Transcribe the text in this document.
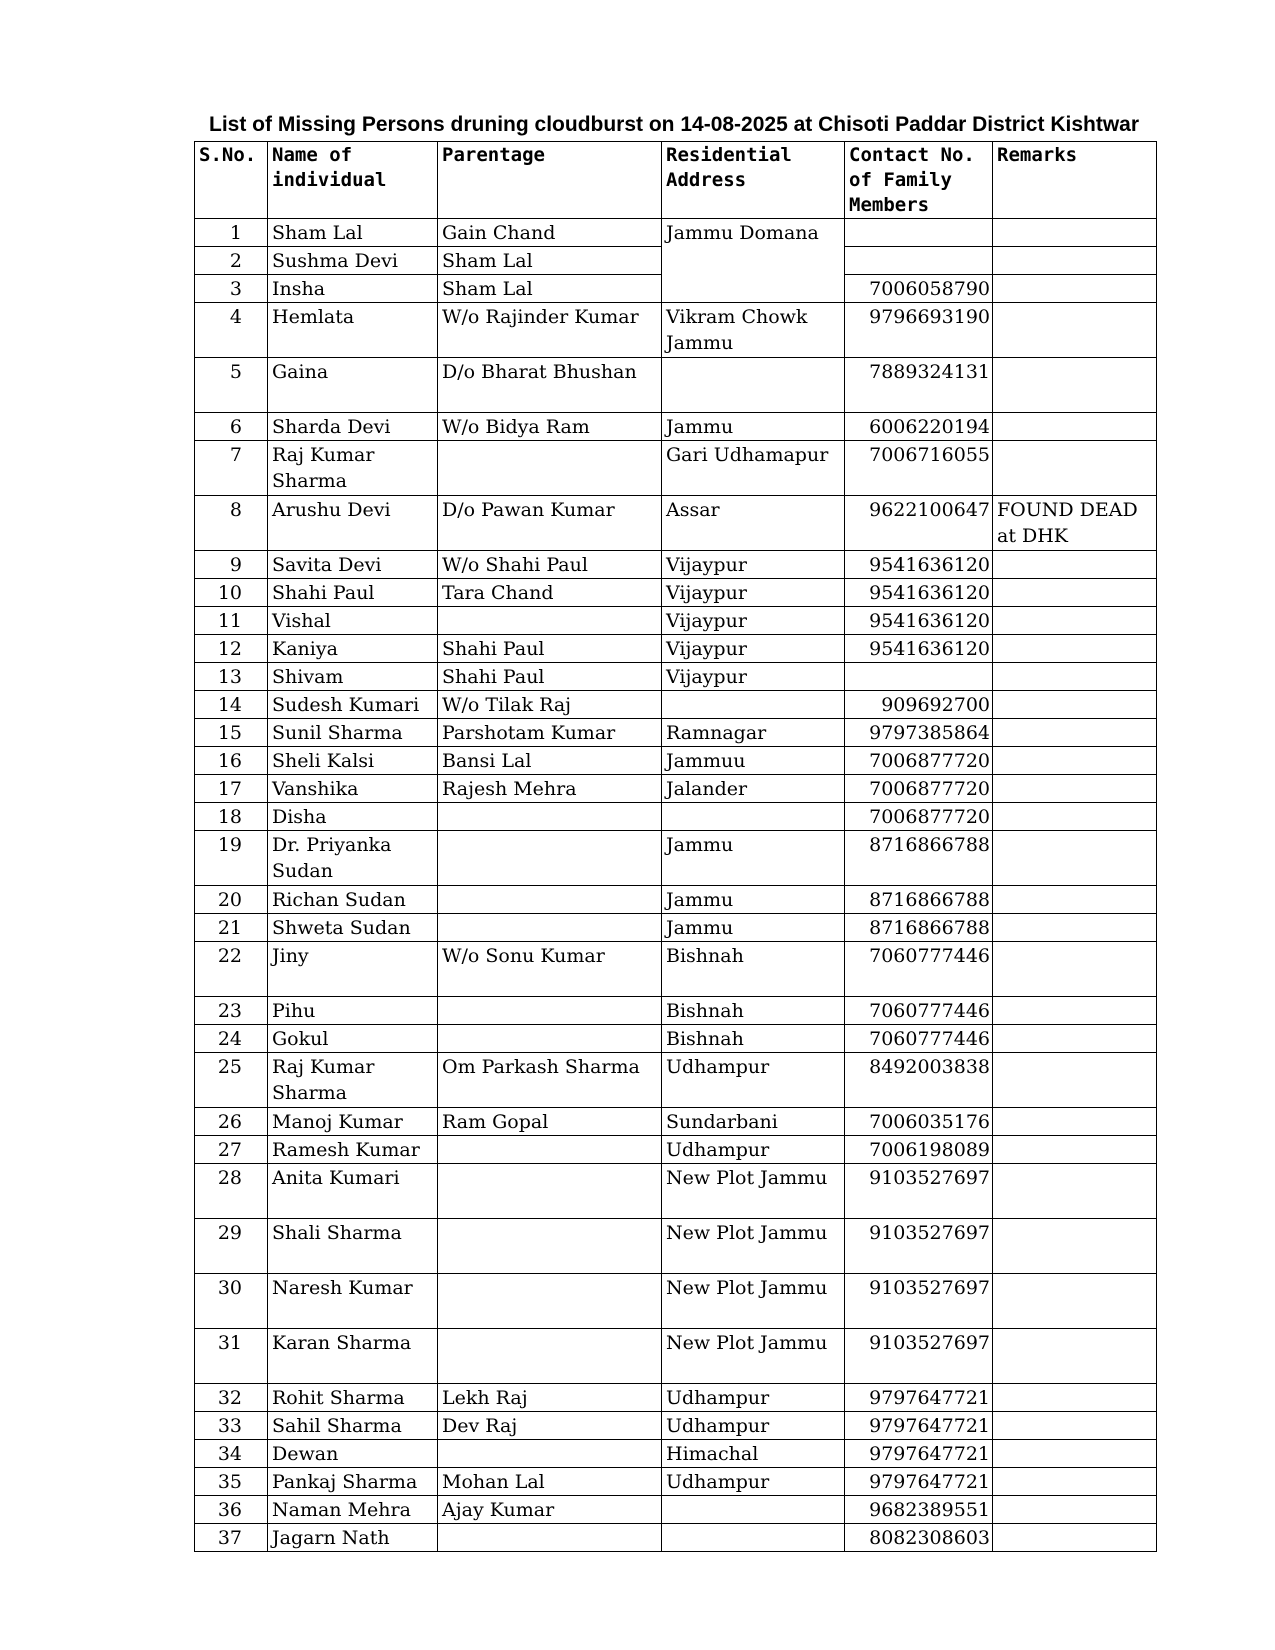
List of Missing Persons druning cloudburst on 14-08-2025 at Chisoti Paddar District Kishtwar
S.No.	Name of individual	Parentage	Residential Address	Contact No. of Family Members	Remarks
1	Sham Lal	Gain Chand	Jammu Domana		
2	Sushma Devi	Sham Lal			
3	Insha	Sham Lal		7006058790	
4	Hemlata	W/o Rajinder Kumar	Vikram Chowk Jammu	9796693190	
5	Gaina	D/o Bharat Bhushan		7889324131	
6	Sharda Devi	W/o Bidya Ram	Jammu	6006220194	
7	Raj Kumar Sharma		Gari Udhamapur	7006716055	
8	Arushu Devi	D/o Pawan Kumar	Assar	9622100647	FOUND DEAD at DHK
9	Savita Devi	W/o Shahi Paul	Vijaypur	9541636120	
10	Shahi Paul	Tara Chand	Vijaypur	9541636120	
11	Vishal		Vijaypur	9541636120	
12	Kaniya	Shahi Paul	Vijaypur	9541636120	
13	Shivam	Shahi Paul	Vijaypur		
14	Sudesh Kumari	W/o Tilak Raj		909692700	
15	Sunil Sharma	Parshotam Kumar	Ramnagar	9797385864	
16	Sheli Kalsi	Bansi Lal	Jammuu	7006877720	
17	Vanshika	Rajesh Mehra	Jalander	7006877720	
18	Disha			7006877720	
19	Dr. Priyanka Sudan		Jammu	8716866788	
20	Richan Sudan		Jammu	8716866788	
21	Shweta Sudan		Jammu	8716866788	
22	Jiny	W/o Sonu Kumar	Bishnah	7060777446	
23	Pihu		Bishnah	7060777446	
24	Gokul		Bishnah	7060777446	
25	Raj Kumar Sharma	Om Parkash Sharma	Udhampur	8492003838	
26	Manoj Kumar	Ram Gopal	Sundarbani	7006035176	
27	Ramesh Kumar		Udhampur	7006198089	
28	Anita Kumari		New Plot Jammu	9103527697	
29	Shali Sharma		New Plot Jammu	9103527697	
30	Naresh Kumar		New Plot Jammu	9103527697	
31	Karan Sharma		New Plot Jammu	9103527697	
32	Rohit Sharma	Lekh Raj	Udhampur	9797647721	
33	Sahil Sharma	Dev Raj	Udhampur	9797647721	
34	Dewan		Himachal	9797647721	
35	Pankaj Sharma	Mohan Lal	Udhampur	9797647721	
36	Naman Mehra	Ajay Kumar		9682389551	
37	Jagarn Nath			8082308603	
